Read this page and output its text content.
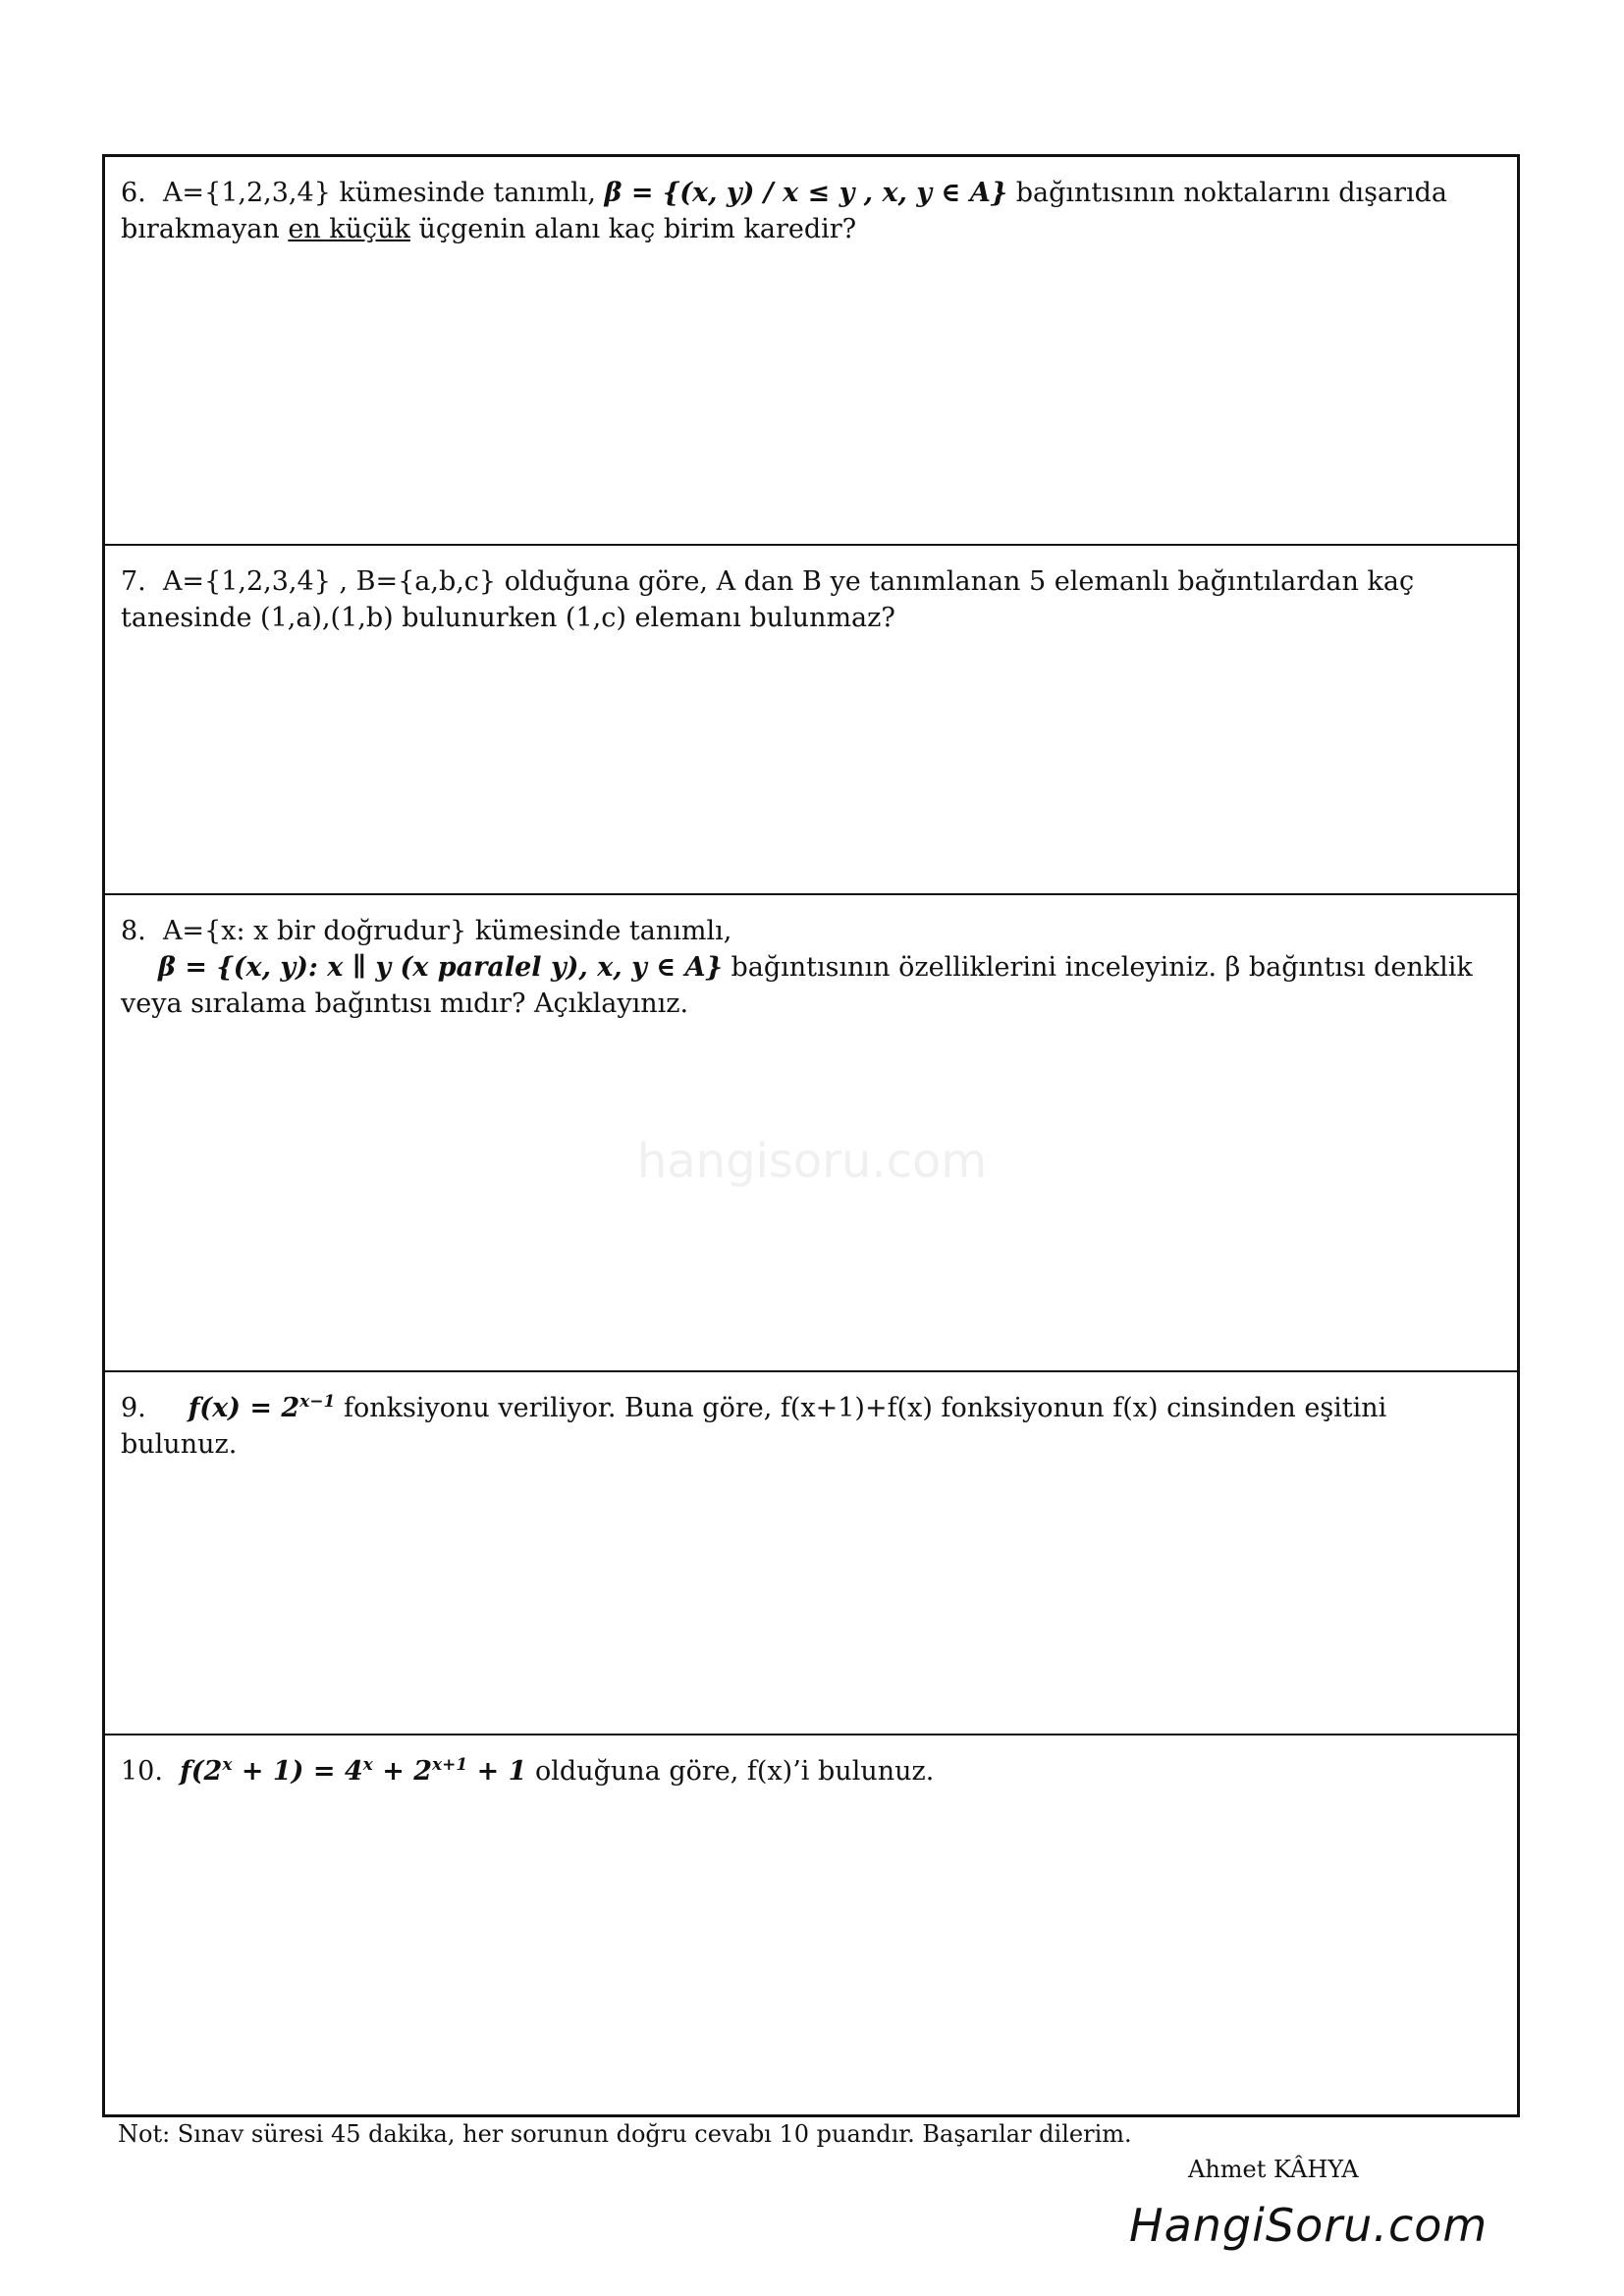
6. A={1,2,3,4} kümesinde tanımlı, β = {(x, y) / x ≤ y , x, y ∈ A} bağıntısının noktalarını dışarıda bırakmayan en küçük üçgenin alanı kaç birim karedir?
7. A={1,2,3,4} , B={a,b,c} olduğuna göre, A dan B ye tanımlanan 5 elemanlı bağıntılardan kaç tanesinde (1,a),(1,b) bulunurken (1,c) elemanı bulunmaz?
8. A={x: x bir doğrudur} kümesinde tanımlı,
β = {(x, y): x ∥ y (x paralel y), x, y ∈ A} bağıntısının özelliklerini inceleyiniz. β bağıntısı denklik veya sıralama bağıntısı mıdır? Açıklayınız.
9. $f(x) = 2^{x-1}$ fonksiyonu veriliyor. Buna göre, f(x+1)+f(x) fonksiyonun f(x) cinsinden eşitini bulunuz.
10. $f(2^x + 1) = 4^x + 2^{x+1} + 1$ olduğuna göre, f(x)’i bulunuz.
hangisoru.com
Not: Sınav süresi 45 dakika, her sorunun doğru cevabı 10 puandır. Başarılar dilerim.
Ahmet KÂHYA
HangiSoru.com
